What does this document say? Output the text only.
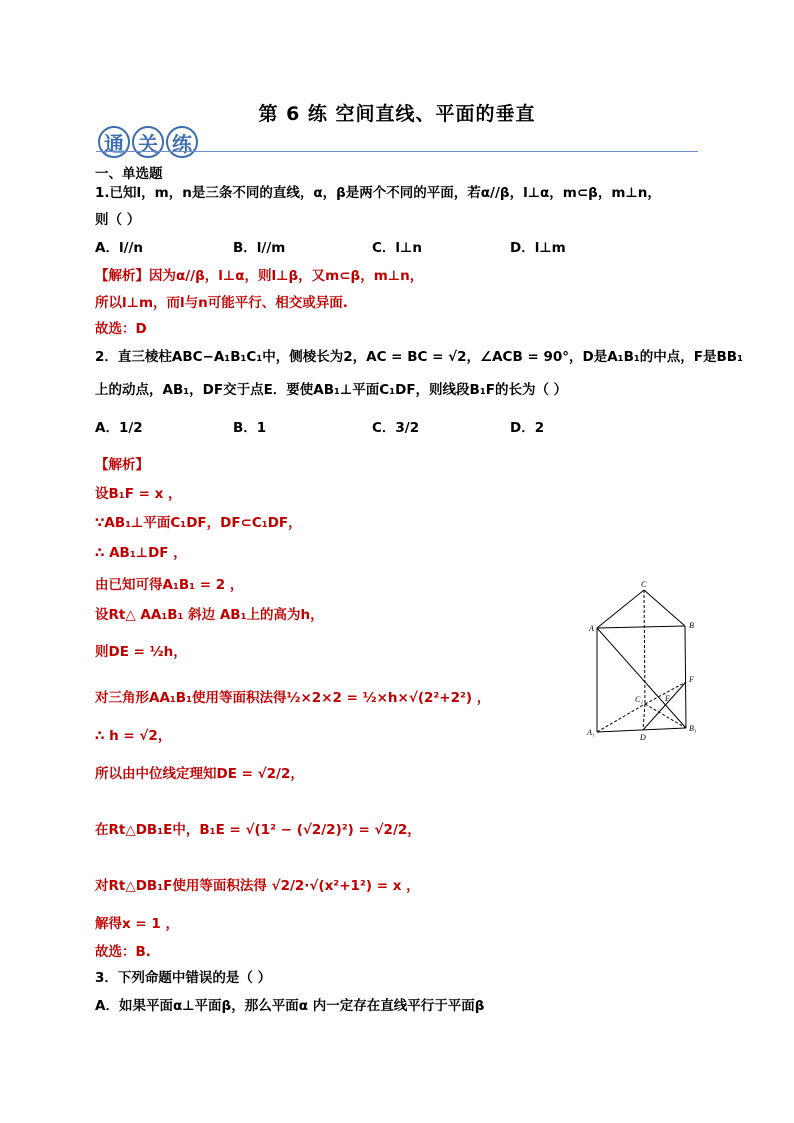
第 6 练 空间直线、平面的垂直
通 关 练
一、单选题
1.已知l，m，n是三条不同的直线，α，β是两个不同的平面，若α//β，l⊥α，m⊂β，m⊥n，
则（ ）
A．l//n	B．l//m	C．l⊥n	D．l⊥m
【解析】因为α//β，l⊥α，则l⊥β，又m⊂β，m⊥n，
所以l⊥m，而l与n可能平行、相交或异面.
故选：D
2．直三棱柱ABC−A₁B₁C₁中，侧棱长为2，AC = BC = √2，∠ACB = 90°，D是A₁B₁的中点，F是BB₁
上的动点，AB₁，DF交于点E．要使AB₁⊥平面C₁DF，则线段B₁F的长为（ ）
A．1/2	B．1	C．3/2	D．2
【解析】
设B₁F = x ，
∵AB₁⊥平面C₁DF，DF⊂C₁DF，
∴ AB₁⊥DF ，
由已知可得A₁B₁ = 2 ，
设Rt△ AA₁B₁ 斜边 AB₁上的高为h，
则DE = ½h，
对三角形AA₁B₁使用等面积法得½×2×2 = ½×h×√(2²+2²) ，
∴ h = √2，
所以由中位线定理知DE = √2/2，
在Rt△DB₁E中，B₁E = √(1² − (√2/2)²) = √2/2，
对Rt△DB₁F使用等面积法得 √2/2·√(x²+1²) = x ，
解得x = 1 ，
故选：B.
3．下列命题中错误的是（ ）
A．如果平面α⊥平面β，那么平面α 内一定存在直线平行于平面β
C
A	B
C₁	E
F
A₁
D
B₁
